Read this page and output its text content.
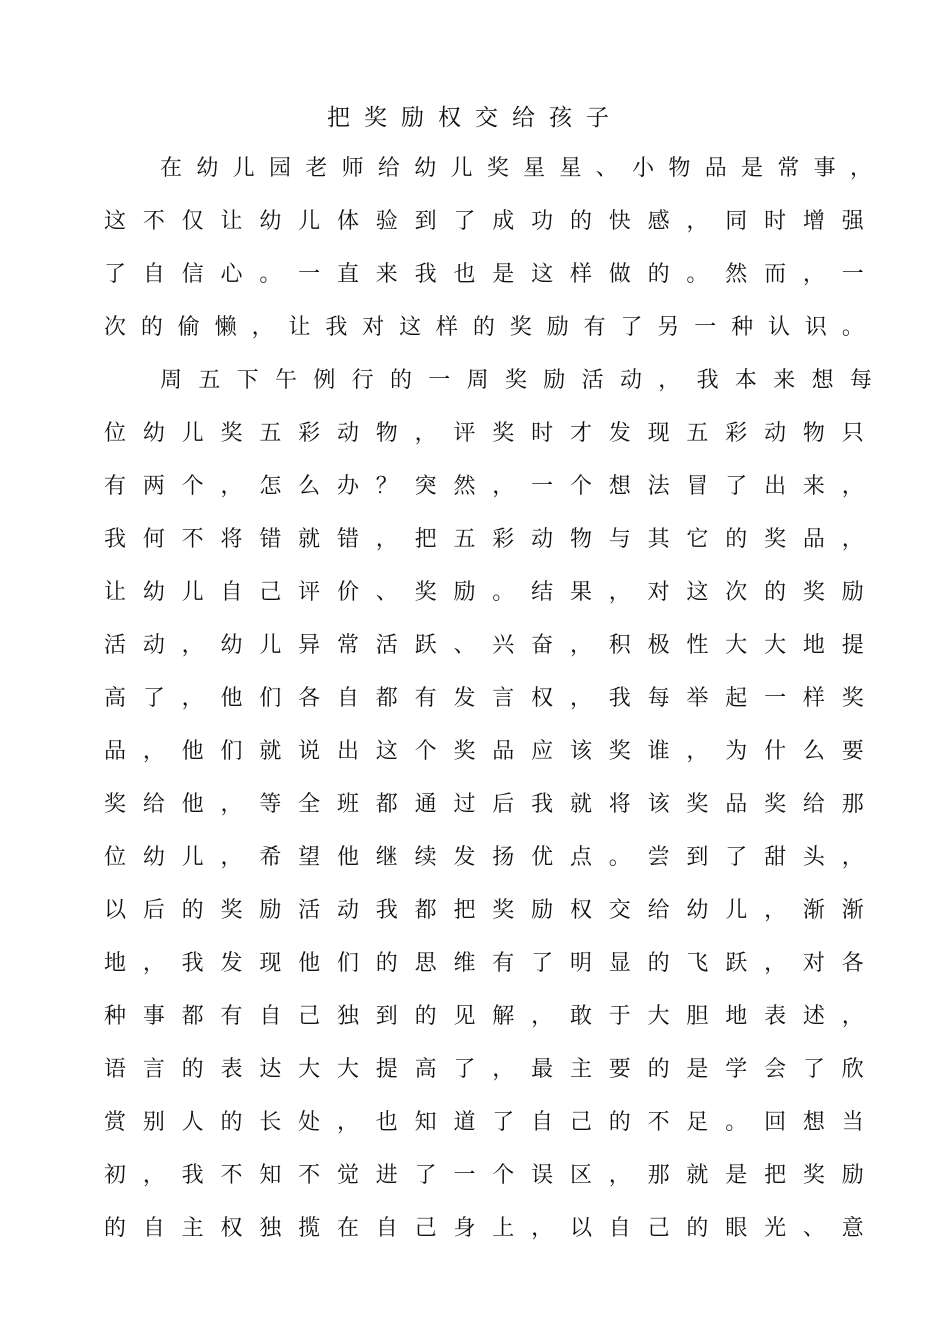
把奖励权交给孩子
在 幼 儿 园 老 师 给 幼 儿 奖 星 星 、 小 物 品 是 常 事 ，
这 不 仅 让 幼 儿 体 验 到 了 成 功 的 快 感 ， 同 时 增 强
了 自 信 心 。 一 直 来 我 也 是 这 样 做 的 。 然 而 ， 一
次 的 偷 懒 ， 让 我 对 这 样 的 奖 励 有 了 另 一 种 认 识 。
周 五 下 午 例 行 的 一 周 奖 励 活 动 ， 我 本 来 想 每
位 幼 儿 奖 五 彩 动 物 ， 评 奖 时 才 发 现 五 彩 动 物 只
有 两 个 ， 怎 么 办 ？ 突 然 ， 一 个 想 法 冒 了 出 来 ，
我 何 不 将 错 就 错 ， 把 五 彩 动 物 与 其 它 的 奖 品 ，
让 幼 儿 自 己 评 价 、 奖 励 。 结 果 ， 对 这 次 的 奖 励
活 动 ， 幼 儿 异 常 活 跃 、 兴 奋 ， 积 极 性 大 大 地 提
高 了 ， 他 们 各 自 都 有 发 言 权 ， 我 每 举 起 一 样 奖
品 ， 他 们 就 说 出 这 个 奖 品 应 该 奖 谁 ， 为 什 么 要
奖 给 他 ， 等 全 班 都 通 过 后 我 就 将 该 奖 品 奖 给 那
位 幼 儿 ， 希 望 他 继 续 发 扬 优 点 。 尝 到 了 甜 头 ，
以 后 的 奖 励 活 动 我 都 把 奖 励 权 交 给 幼 儿 ， 渐 渐
地 ， 我 发 现 他 们 的 思 维 有 了 明 显 的 飞 跃 ， 对 各
种 事 都 有 自 己 独 到 的 见 解 ， 敢 于 大 胆 地 表 述 ，
语 言 的 表 达 大 大 提 高 了 ， 最 主 要 的 是 学 会 了 欣
赏 别 人 的 长 处 ， 也 知 道 了 自 己 的 不 足 。 回 想 当
初 ， 我 不 知 不 觉 进 了 一 个 误 区 ， 那 就 是 把 奖 励
的 自 主 权 独 揽 在 自 己 身 上 ， 以 自 己 的 眼 光 、 意
